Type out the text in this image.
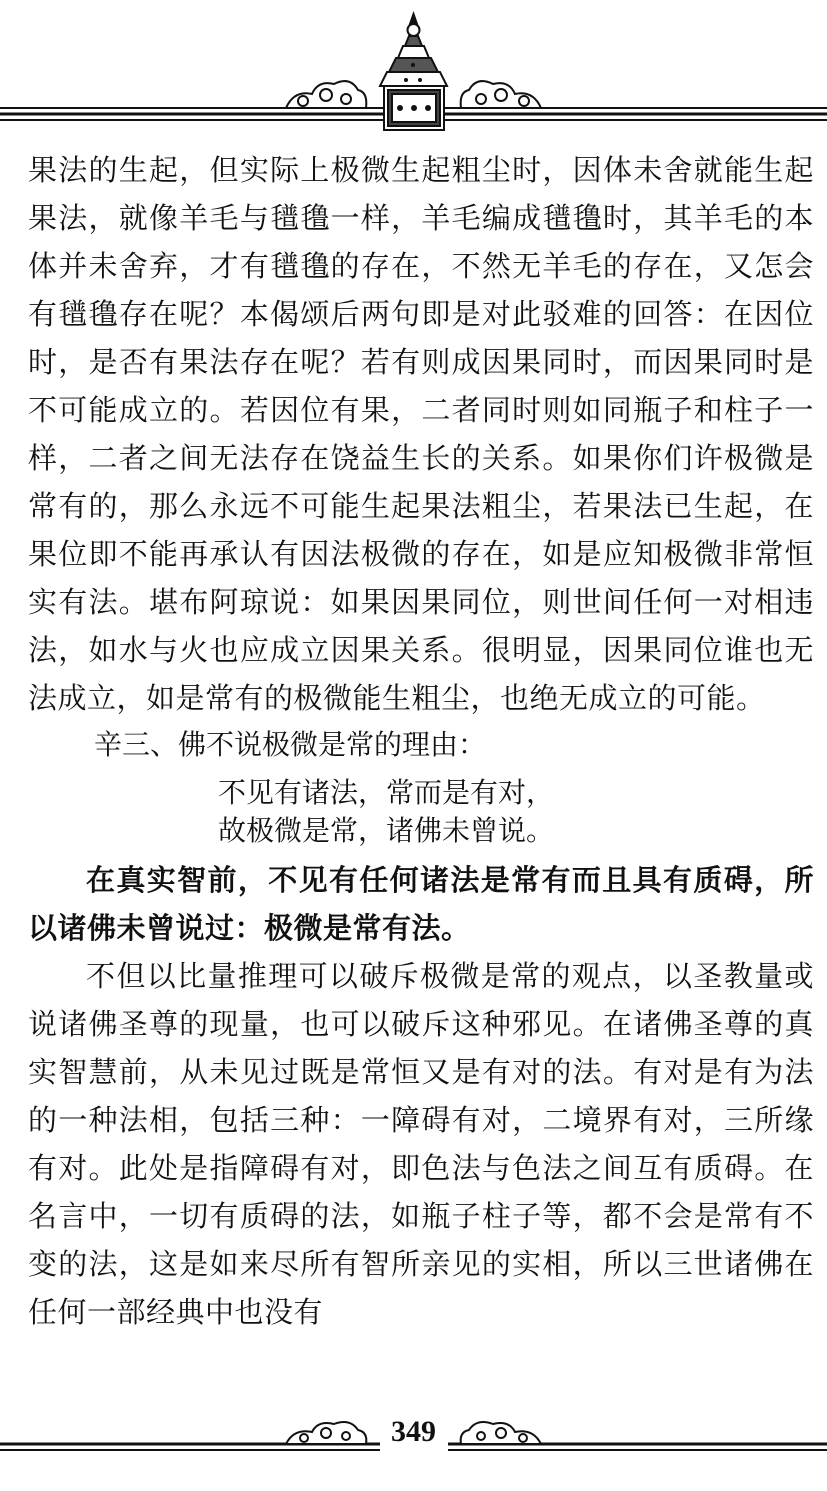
果法的生起，但实际上极微生起粗尘时，因体未舍就能生起果法，就像羊毛与氆氇一样，羊毛编成氆氇时，其羊毛的本体并未舍弃，才有氆氇的存在，不然无羊毛的存在，又怎会有氆氇存在呢？本偈颂后两句即是对此驳难的回答：在因位时，是否有果法存在呢？若有则成因果同时，而因果同时是不可能成立的。若因位有果，二者同时则如同瓶子和柱子一样，二者之间无法存在饶益生长的关系。如果你们许极微是常有的，那么永远不可能生起果法粗尘，若果法已生起，在果位即不能再承认有因法极微的存在，如是应知极微非常恒实有法。堪布阿琼说：如果因果同位，则世间任何一对相违法，如水与火也应成立因果关系。很明显，因果同位谁也无法成立，如是常有的极微能生粗尘，也绝无成立的可能。

辛三、佛不说极微是常的理由：

不见有诸法，常而是有对，

故极微是常，诸佛未曾说。

在真实智前，不见有任何诸法是常有而且具有质碍，所以诸佛未曾说过：极微是常有法。

不但以比量推理可以破斥极微是常的观点，以圣教量或说诸佛圣尊的现量，也可以破斥这种邪见。在诸佛圣尊的真实智慧前，从未见过既是常恒又是有对的法。有对是有为法的一种法相，包括三种：一障碍有对，二境界有对，三所缘有对。此处是指障碍有对，即色法与色法之间互有质碍。在名言中，一切有质碍的法，如瓶子柱子等，都不会是常有不变的法，这是如来尽所有智所亲见的实相，所以三世诸佛在任何一部经典中也没有

349
